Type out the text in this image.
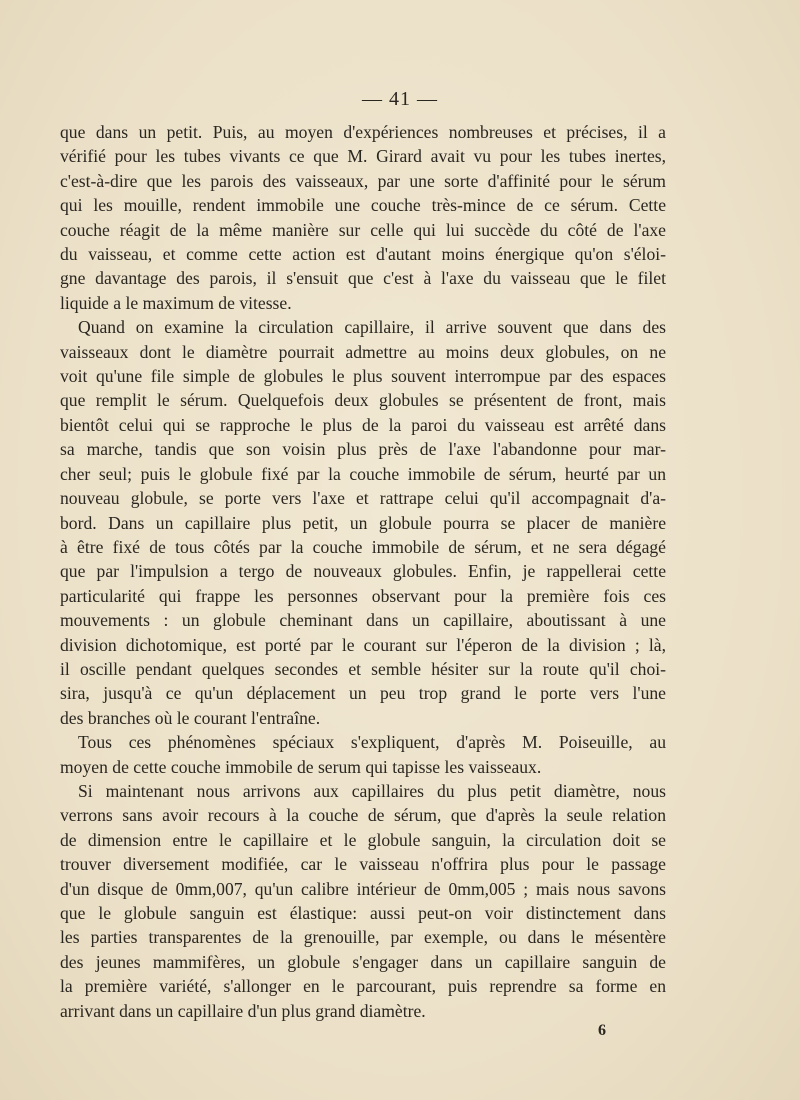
— 41 —
que dans un petit. Puis, au moyen d'expériences nombreuses et précises, il a
vérifié pour les tubes vivants ce que M. Girard avait vu pour les tubes inertes,
c'est-à-dire que les parois des vaisseaux, par une sorte d'affinité pour le sérum
qui les mouille, rendent immobile une couche très-mince de ce sérum. Cette
couche réagit de la même manière sur celle qui lui succède du côté de l'axe
du vaisseau, et comme cette action est d'autant moins énergique qu'on s'éloi-
gne davantage des parois, il s'ensuit que c'est à l'axe du vaisseau que le filet
liquide a le maximum de vitesse.
Quand on examine la circulation capillaire, il arrive souvent que dans des
vaisseaux dont le diamètre pourrait admettre au moins deux globules, on ne
voit qu'une file simple de globules le plus souvent interrompue par des espaces
que remplit le sérum. Quelquefois deux globules se présentent de front, mais
bientôt celui qui se rapproche le plus de la paroi du vaisseau est arrêté dans
sa marche, tandis que son voisin plus près de l'axe l'abandonne pour mar-
cher seul; puis le globule fixé par la couche immobile de sérum, heurté par un
nouveau globule, se porte vers l'axe et rattrape celui qu'il accompagnait d'a-
bord. Dans un capillaire plus petit, un globule pourra se placer de manière
à être fixé de tous côtés par la couche immobile de sérum, et ne sera dégagé
que par l'impulsion a tergo de nouveaux globules. Enfin, je rappellerai cette
particularité qui frappe les personnes observant pour la première fois ces
mouvements : un globule cheminant dans un capillaire, aboutissant à une
division dichotomique, est porté par le courant sur l'éperon de la division ; là,
il oscille pendant quelques secondes et semble hésiter sur la route qu'il choi-
sira, jusqu'à ce qu'un déplacement un peu trop grand le porte vers l'une
des branches où le courant l'entraîne.
Tous ces phénomènes spéciaux s'expliquent, d'après M. Poiseuille, au
moyen de cette couche immobile de serum qui tapisse les vaisseaux.
Si maintenant nous arrivons aux capillaires du plus petit diamètre, nous
verrons sans avoir recours à la couche de sérum, que d'après la seule relation
de dimension entre le capillaire et le globule sanguin, la circulation doit se
trouver diversement modifiée, car le vaisseau n'offrira plus pour le passage
d'un disque de 0mm,007, qu'un calibre intérieur de 0mm,005 ; mais nous savons
que le globule sanguin est élastique: aussi peut-on voir distinctement dans
les parties transparentes de la grenouille, par exemple, ou dans le mésentère
des jeunes mammifères, un globule s'engager dans un capillaire sanguin de
la première variété, s'allonger en le parcourant, puis reprendre sa forme en
arrivant dans un capillaire d'un plus grand diamètre.
6
